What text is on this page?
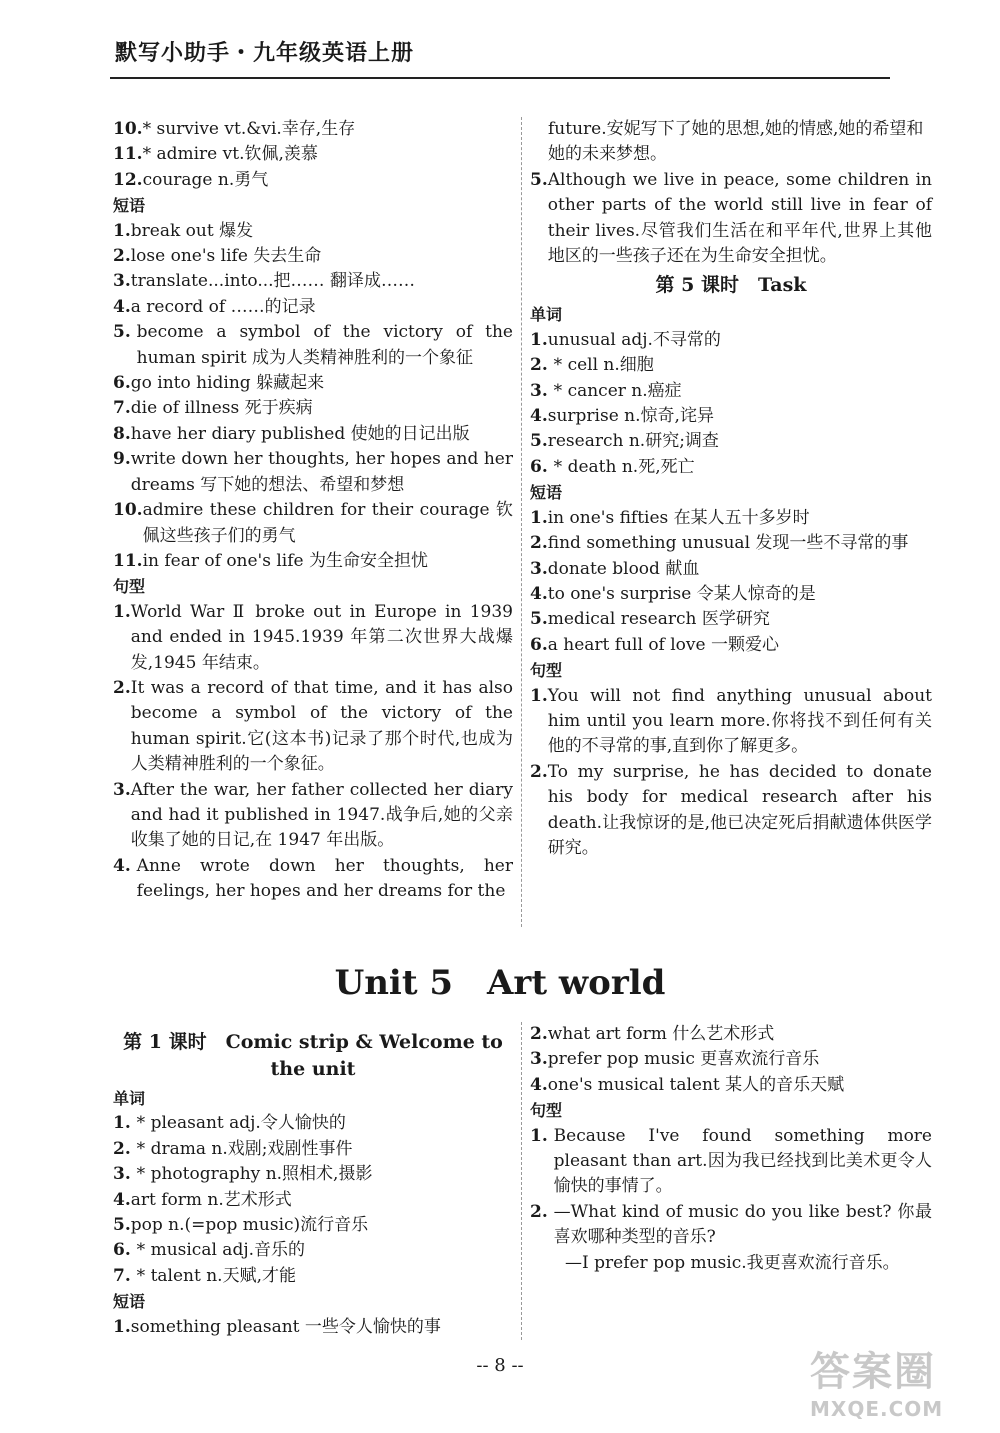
默写小助手・九年级英语上册
10. * survive vt.&vi.幸存,生存
11. * admire vt.钦佩,羡慕
12. courage n.勇气
短语
1. break out 爆发
2. lose one's life 失去生命
3. translate...into...把…… 翻译成……
4. a record of ……的记录
5. become a symbol of the victory of the human spirit 成为人类精神胜利的一个象征
6. go into hiding 躲藏起来
7. die of illness 死于疾病
8. have her diary published 使她的日记出版
9. write down her thoughts, her hopes and her dreams 写下她的想法、希望和梦想
10. admire these children for their courage 钦佩这些孩子们的勇气
11. in fear of one's life 为生命安全担忧
句型
1. World War Ⅱ broke out in Europe in 1939 and ended in 1945.1939 年第二次世界大战爆发,1945 年结束。
2. It was a record of that time, and it has also become a symbol of the victory of the human spirit.它(这本书)记录了那个时代,也成为人类精神胜利的一个象征。
3. After the war, her father collected her diary and had it published in 1947.战争后,她的父亲收集了她的日记,在 1947 年出版。
4. Anne wrote down her thoughts, her feelings, her hopes and her dreams for the
future.安妮写下了她的思想,她的情感,她的希望和她的未来梦想。
5. Although we live in peace, some children in other parts of the world still live in fear of their lives.尽管我们生活在和平年代,世界上其他地区的一些孩子还在为生命安全担忧。
第 5 课时　Task
单词
1. unusual adj.不寻常的
2. * cell n.细胞
3. * cancer n.癌症
4. surprise n.惊奇,诧异
5. research n.研究;调查
6. * death n.死,死亡
短语
1. in one's fifties 在某人五十多岁时
2. find something unusual 发现一些不寻常的事
3. donate blood 献血
4. to one's surprise 令某人惊奇的是
5. medical research 医学研究
6. a heart full of love 一颗爱心
句型
1. You will not find anything unusual about him until you learn more.你将找不到任何有关他的不寻常的事,直到你了解更多。
2. To my surprise, he has decided to donate his body for medical research after his death.让我惊讶的是,他已决定死后捐献遗体供医学研究。
Unit 5　Art world
第 1 课时　Comic strip & Welcome to the unit
单词
1. * pleasant adj.令人愉快的
2. * drama n.戏剧;戏剧性事件
3. * photography n.照相术,摄影
4. art form n.艺术形式
5. pop n.(=pop music)流行音乐
6. * musical adj.音乐的
7. * talent n.天赋,才能
短语
1. something pleasant 一些令人愉快的事
2. what art form 什么艺术形式
3. prefer pop music 更喜欢流行音乐
4. one's musical talent 某人的音乐天赋
句型
1. Because I've found something more pleasant than art.因为我已经找到比美术更令人愉快的事情了。
2. —What kind of music do you like best? 你最喜欢哪种类型的音乐?
　—I prefer pop music.我更喜欢流行音乐。
-- 8 --	答案圈
MXQE.COM
